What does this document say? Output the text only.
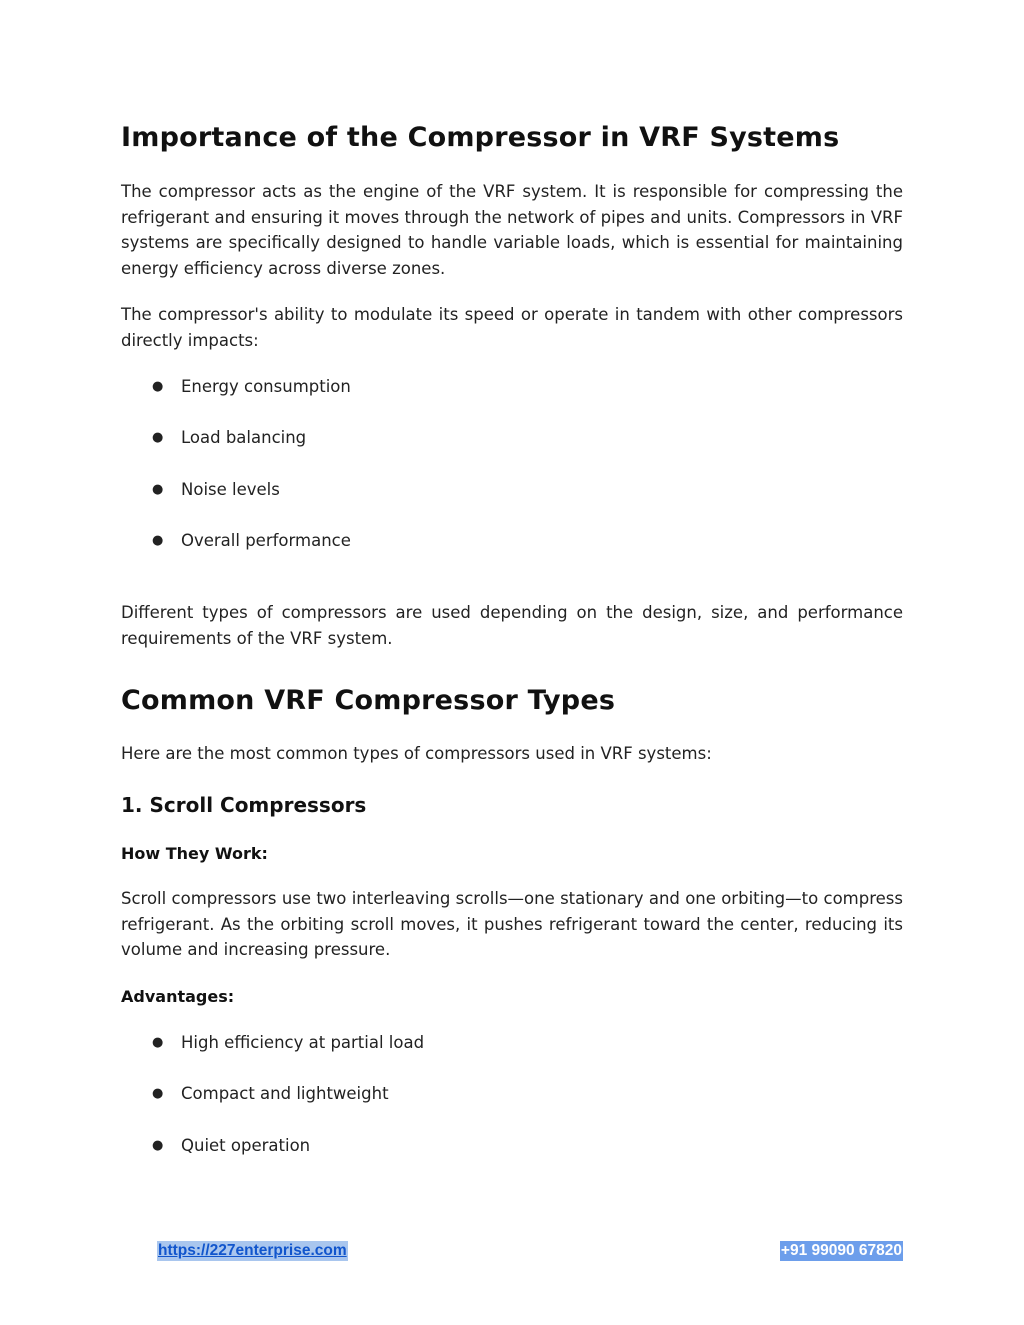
Importance of the Compressor in VRF Systems

The compressor acts as the engine of the VRF system. It is responsible for compressing the refrigerant and ensuring it moves through the network of pipes and units. Compressors in VRF systems are specifically designed to handle variable loads, which is essential for maintaining energy efficiency across diverse zones.

The compressor's ability to modulate its speed or operate in tandem with other compressors directly impacts:

● Energy consumption
● Load balancing
● Noise levels
● Overall performance

Different types of compressors are used depending on the design, size, and performance requirements of the VRF system.

Common VRF Compressor Types

Here are the most common types of compressors used in VRF systems:

1. Scroll Compressors
How They Work:

Scroll compressors use two interleaving scrolls—one stationary and one orbiting—to compress refrigerant. As the orbiting scroll moves, it pushes refrigerant toward the center, reducing its volume and increasing pressure.

Advantages:
● High efficiency at partial load
● Compact and lightweight
● Quiet operation
https://227enterprise.com	+91 99090 67820
